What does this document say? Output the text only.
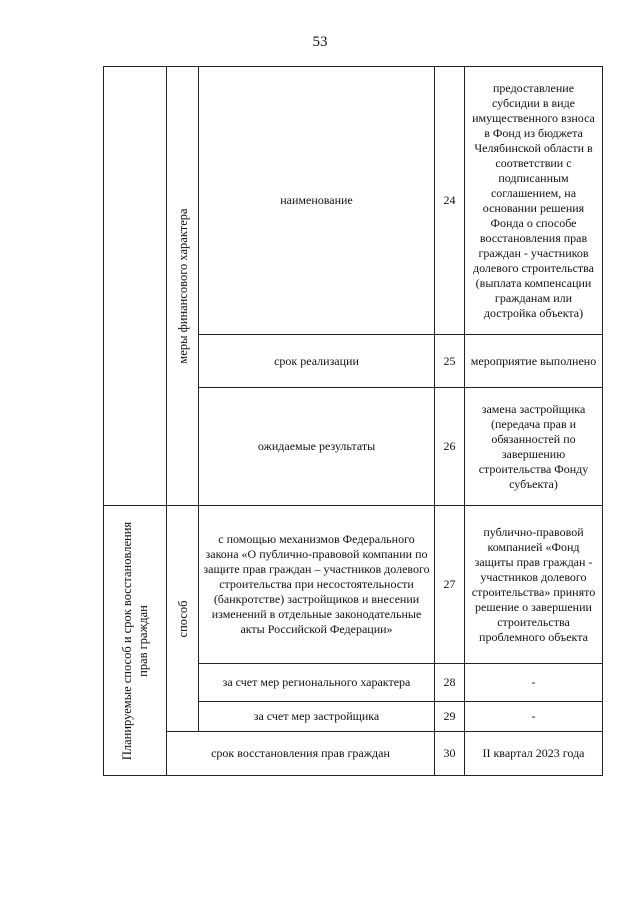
53

	меры финансового характера	наименование	24	предоставление субсидии в виде имущественного взноса в Фонд из бюджета Челябинской области в соответствии с подписанным соглашением, на основании решения Фонда о способе восстановления прав граждан - участников долевого строительства (выплата компенсации гражданам или достройка объекта)

		срок реализации	25	мероприятие выполнено

		ожидаемые результаты	26	замена застройщика (передача прав и обязанностей по завершению строительства Фонду субъекта)

Планируемые способ и срок восстановления прав граждан	способ	с помощью механизмов Федерального закона «О публично-правовой компании по защите прав граждан – участников долевого строительства при несостоятельности (банкротстве) застройщиков и внесении изменений в отдельные законодательные акты Российской Федерации»	27	публично-правовой компанией «Фонд защиты прав граждан - участников долевого строительства» принято решение о завершении строительства проблемного объекта

		за счет мер регионального характера	28	-

		за счет мер застройщика	29	-

	срок восстановления прав граждан		30	II квартал 2023 года
